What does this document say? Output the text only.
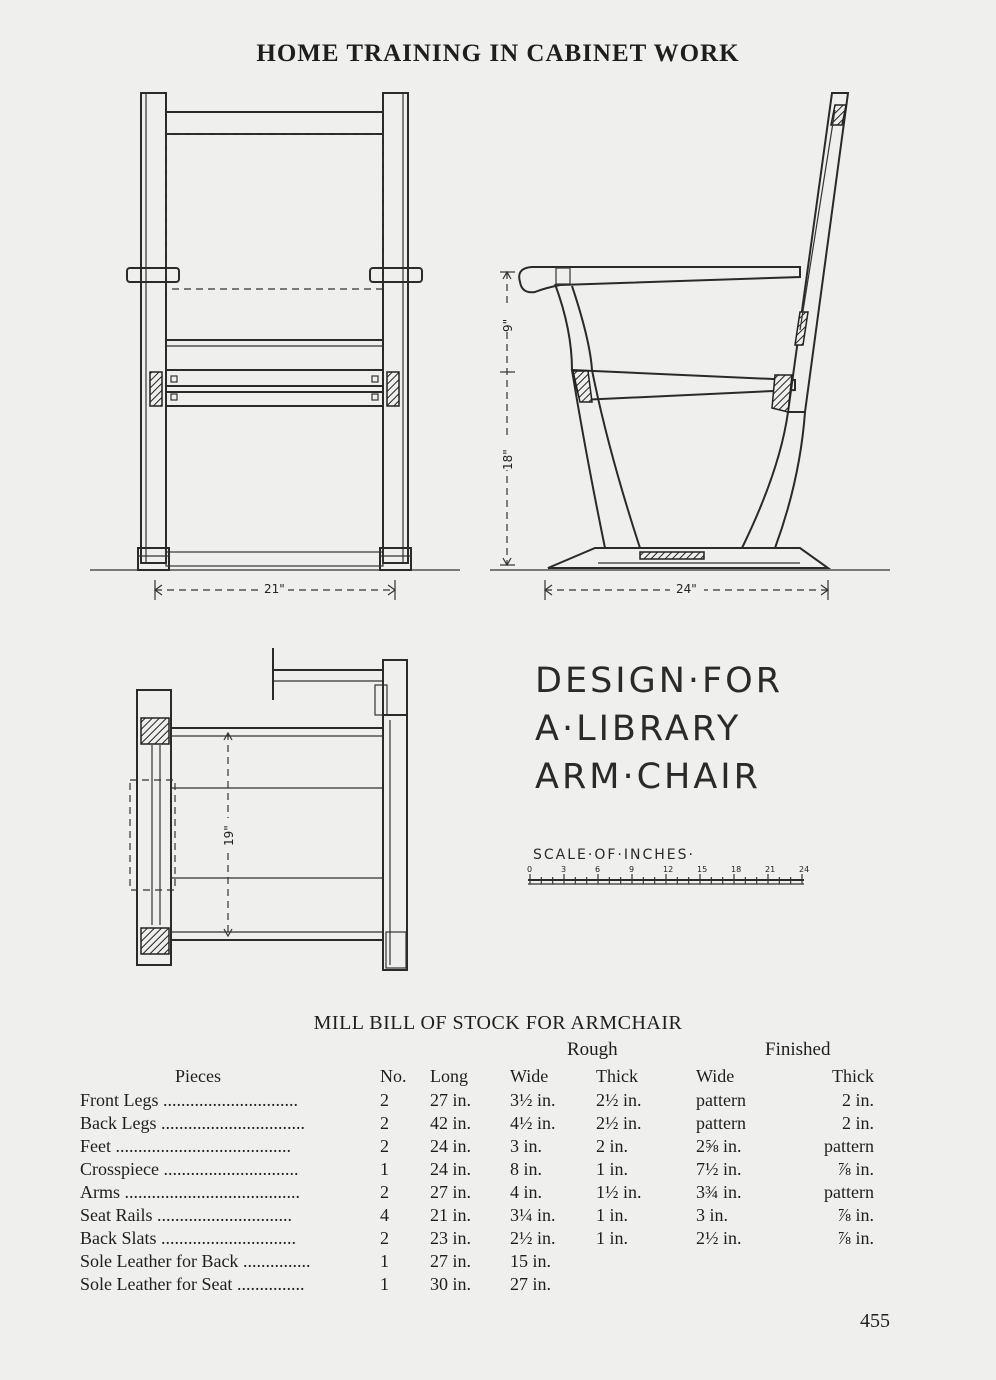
HOME TRAINING IN CABINET WORK
21"
9"
18"
24"
19"
0	3	6	9	12	15	18	21	24
DESIGN·FOR
A·LIBRARY
ARM·CHAIR
SCALE·OF·INCHES·
MILL BILL OF STOCK FOR ARMCHAIR
Rough	Finished
Pieces	No.	Long	Wide	Thick	Wide	Thick
Front Legs ..............................	2	27 in.	3½ in.	2½ in.	pattern	2 in.
Back Legs ................................	2	42 in.	4½ in.	2½ in.	pattern	2 in.
Feet .......................................	2	24 in.	3 in.	2 in.	2⅝ in.	pattern
Crosspiece ..............................	1	24 in.	8 in.	1 in.	7½ in.	⅞ in.
Arms .......................................	2	27 in.	4 in.	1½ in.	3¾ in.	pattern
Seat Rails ..............................	4	21 in.	3¼ in.	1 in.	3 in.	⅞ in.
Back Slats ..............................	2	23 in.	2½ in.	1 in.	2½ in.	⅞ in.
Sole Leather for Back ...............	1	27 in.	15 in.			
Sole Leather for Seat ...............	1	30 in.	27 in.			
455
